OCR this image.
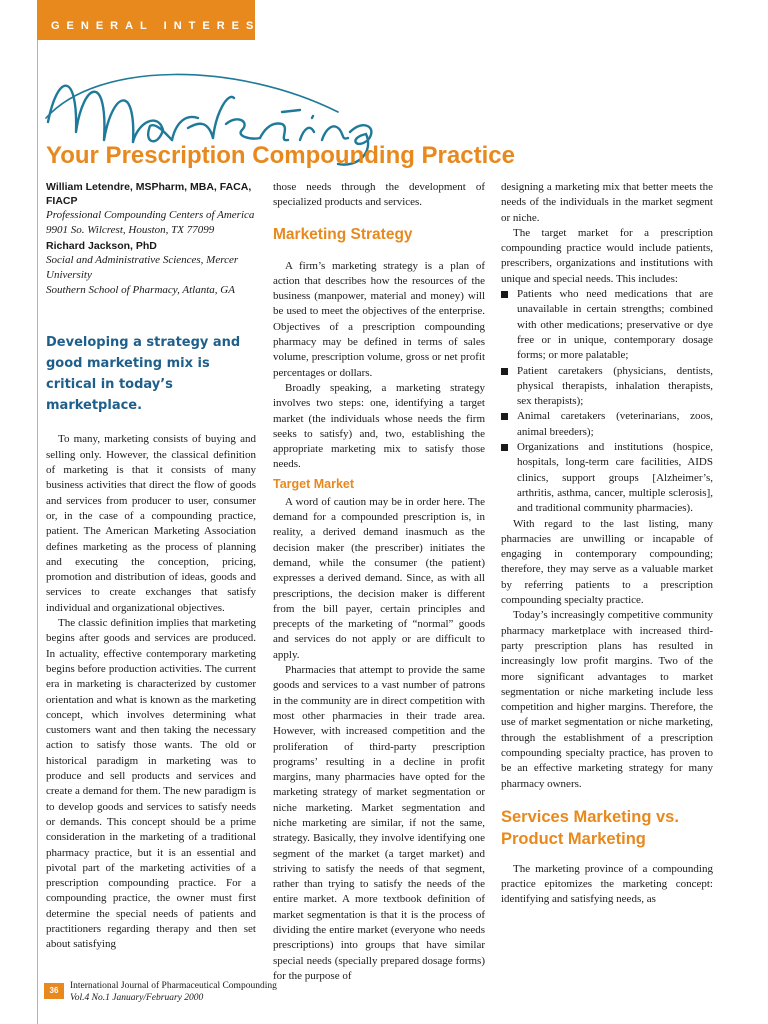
GENERAL INTEREST
Your Prescription Compounding Practice

William Letendre, MSPharm, MBA, FACA, FIACP

Professional Compounding Centers of America

9901 So. Wilcrest, Houston, TX 77099

Richard Jackson, PhD

Social and Administrative Sciences, Mercer University

Southern School of Pharmacy, Atlanta, GA

Developing a strategy and good marketing mix is critical in today’s marketplace.

To many, marketing consists of buying and selling only. However, the classical definition of marketing is that it consists of many business activities that direct the flow of goods and services from producer to user, consumer or, in the case of a compounding practice, patient. The American Marketing Association defines marketing as the process of planning and executing the conception, pricing, promotion and distribution of ideas, goods and services to create exchanges that satisfy individual and organizational objectives.

The classic definition implies that marketing begins after goods and services are produced. In actuality, effective contemporary marketing begins before production activities. The current era in marketing is characterized by customer orientation and what is known as the marketing concept, which involves determining what customers want and then taking the necessary action to satisfy those wants. The old or historical paradigm in marketing was to produce and sell products and services and create a demand for them. The new paradigm is to develop goods and services to satisfy needs or demands. This concept should be a prime consideration in the marketing of a traditional pharmacy practice, but it is an essential and pivotal part of the marketing activities of a prescription compounding practice. For a compounding practice, the owner must first determine the special needs of patients and practitioners regarding therapy and then set about satisfying

those needs through the development of specialized products and services.

Marketing Strategy

A firm’s marketing strategy is a plan of action that describes how the resources of the business (manpower, material and money) will be used to meet the objectives of the enterprise. Objectives of a prescription compounding pharmacy may be defined in terms of sales volume, prescription volume, gross or net profit percentages or dollars.

Broadly speaking, a marketing strategy involves two steps: one, identifying a target market (the individuals whose needs the firm seeks to satisfy) and, two, establishing the appropriate marketing mix to satisfy those needs.

Target Market

A word of caution may be in order here. The demand for a compounded prescription is, in reality, a derived demand inasmuch as the decision maker (the prescriber) initiates the demand, while the consumer (the patient) expresses a derived demand. Since, as with all prescriptions, the decision maker is different from the bill payer, certain principles and precepts of the marketing of “normal” goods and services do not apply or are difficult to apply.

Pharmacies that attempt to provide the same goods and services to a vast number of patrons in the community are in direct competition with most other pharmacies in their trade area. However, with increased competition and the proliferation of third-party prescription programs’ resulting in a decline in profit margins, many pharmacies have opted for the marketing strategy of market segmentation or niche marketing. Market segmentation and niche marketing are similar, if not the same, strategy. Basically, they involve identifying one segment of the market (a target market) and striving to satisfy the needs of that segment, rather than trying to satisfy the needs of the entire market. A more textbook definition of market segmentation is that it is the process of dividing the entire market (everyone who needs prescriptions) into groups that have similar special needs (specially prepared dosage forms) for the purpose of

designing a marketing mix that better meets the needs of the individuals in the market segment or niche.

The target market for a prescription compounding practice would include patients, prescribers, organizations and institutions with unique and special needs. This includes:

Patients who need medications that are unavailable in certain strengths; combined with other medications; preservative or dye free or in unique, contemporary dosage forms; or more palatable;
Patient caretakers (physicians, dentists, physical therapists, inhalation therapists, sex therapists);
Animal caretakers (veterinarians, zoos, animal breeders);
Organizations and institutions (hospice, hospitals, long-term care facilities, AIDS clinics, support groups [Alzheimer’s, arthritis, asthma, cancer, multiple sclerosis], and traditional community pharmacies).

With regard to the last listing, many pharmacies are unwilling or incapable of engaging in contemporary compounding; therefore, they may serve as a valuable market by referring patients to a prescription compounding specialty practice.

Today’s increasingly competitive community pharmacy marketplace with increased third-party prescription plans has resulted in increasingly low profit margins. Two of the more significant advantages to market segmentation or niche marketing include less competition and higher margins. Therefore, the use of market segmentation or niche marketing, through the establishment of a prescription compounding specialty practice, has proven to be an effective marketing strategy for many pharmacy owners.

Services Marketing vs. Product Marketing

The marketing province of a compounding practice epitomizes the marketing concept: identifying and satisfying needs, as

36	International Journal of Pharmaceutical Compounding
Vol.4 No.1 January/February 2000
